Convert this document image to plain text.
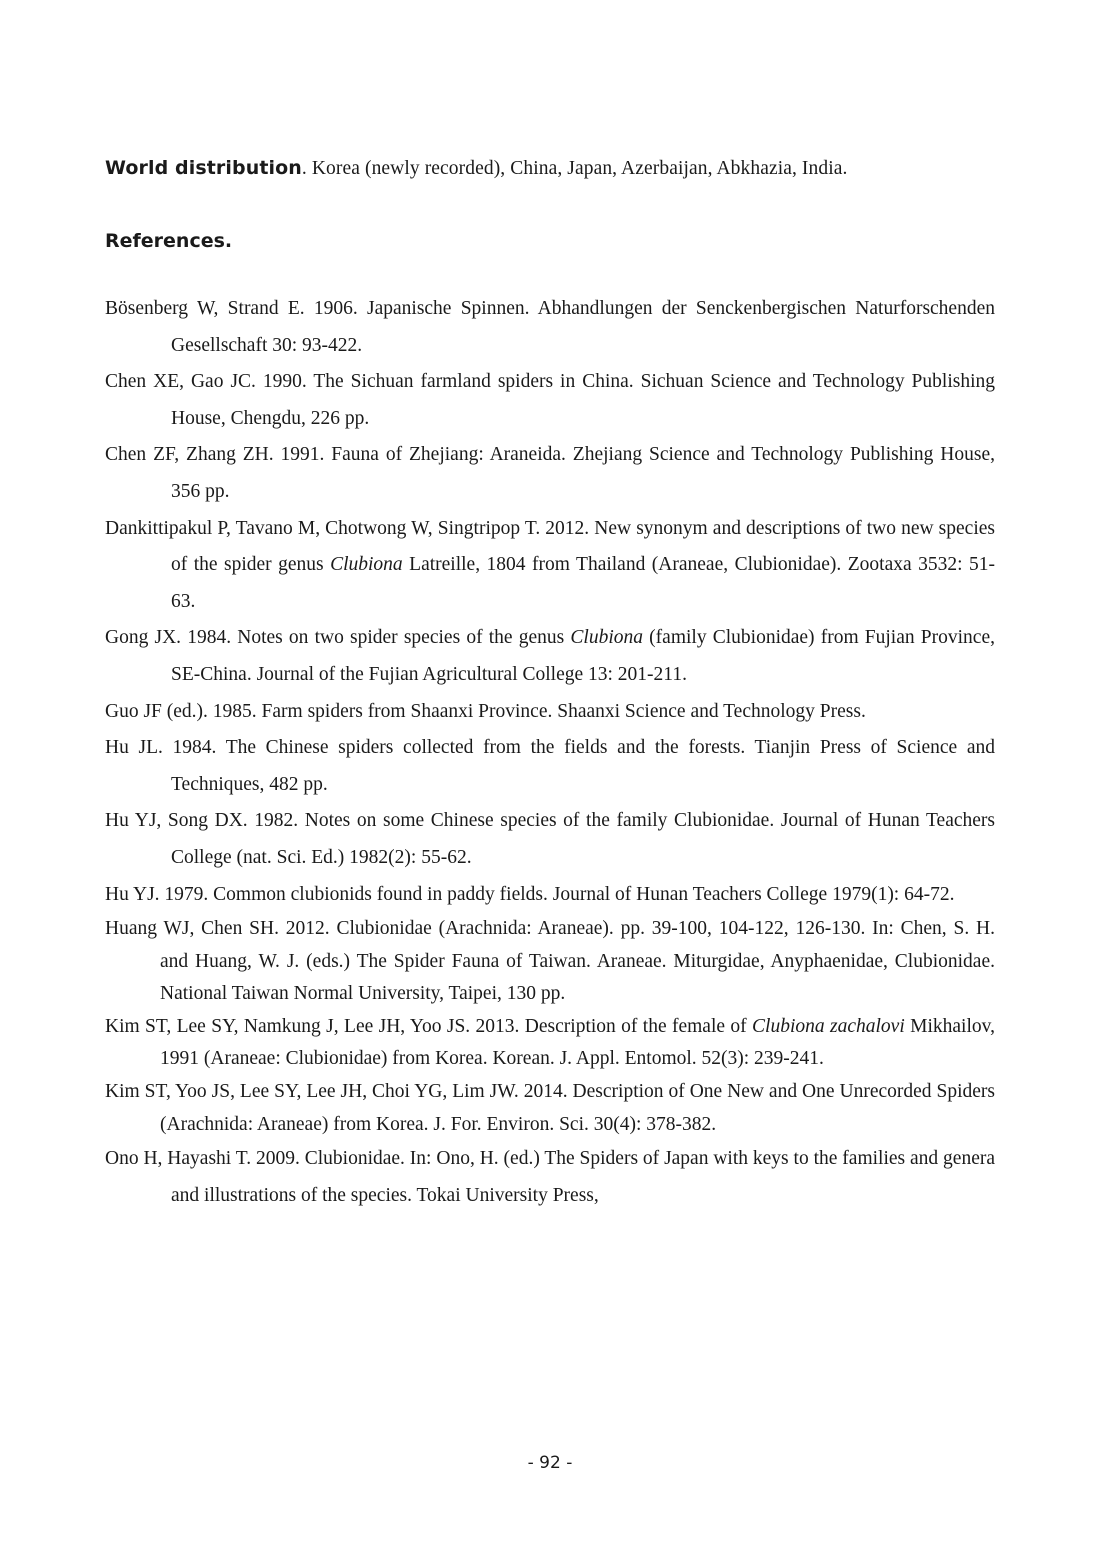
World distribution. Korea (newly recorded), China, Japan, Azerbaijan, Abkhazia, India.

References.
Bösenberg W, Strand E. 1906. Japanische Spinnen. Abhandlungen der Senckenbergischen Naturforschenden Gesellschaft 30: 93-422.
Chen XE, Gao JC. 1990. The Sichuan farmland spiders in China. Sichuan Science and Technology Publishing House, Chengdu, 226 pp.
Chen ZF, Zhang ZH. 1991. Fauna of Zhejiang: Araneida. Zhejiang Science and Technology Publishing House, 356 pp.
Dankittipakul P, Tavano M, Chotwong W, Singtripop T. 2012. New synonym and descriptions of two new species of the spider genus Clubiona Latreille, 1804 from Thailand (Araneae, Clubionidae). Zootaxa 3532: 51-63.
Gong JX. 1984. Notes on two spider species of the genus Clubiona (family Clubionidae) from Fujian Province, SE-China. Journal of the Fujian Agricultural College 13: 201-211.
Guo JF (ed.). 1985. Farm spiders from Shaanxi Province. Shaanxi Science and Technology Press.
Hu JL. 1984. The Chinese spiders collected from the fields and the forests. Tianjin Press of Science and Techniques, 482 pp.
Hu YJ, Song DX. 1982. Notes on some Chinese species of the family Clubionidae. Journal of Hunan Teachers College (nat. Sci. Ed.) 1982(2): 55-62.
Hu YJ. 1979. Common clubionids found in paddy fields. Journal of Hunan Teachers College 1979(1): 64-72.
Huang WJ, Chen SH. 2012. Clubionidae (Arachnida: Araneae). pp. 39-100, 104-122, 126-130. In: Chen, S. H. and Huang, W. J. (eds.) The Spider Fauna of Taiwan. Araneae. Miturgidae, Anyphaenidae, Clubionidae. National Taiwan Normal University, Taipei, 130 pp.
Kim ST, Lee SY, Namkung J, Lee JH, Yoo JS. 2013. Description of the female of Clubiona zachalovi Mikhailov, 1991 (Araneae: Clubionidae) from Korea. Korean. J. Appl. Entomol. 52(3): 239-241.
Kim ST, Yoo JS, Lee SY, Lee JH, Choi YG, Lim JW. 2014. Description of One New and One Unrecorded Spiders (Arachnida: Araneae) from Korea. J. For. Environ. Sci. 30(4): 378-382.
Ono H, Hayashi T. 2009. Clubionidae. In: Ono, H. (ed.) The Spiders of Japan with keys to the families and genera and illustrations of the species. Tokai University Press,
- 92 -
